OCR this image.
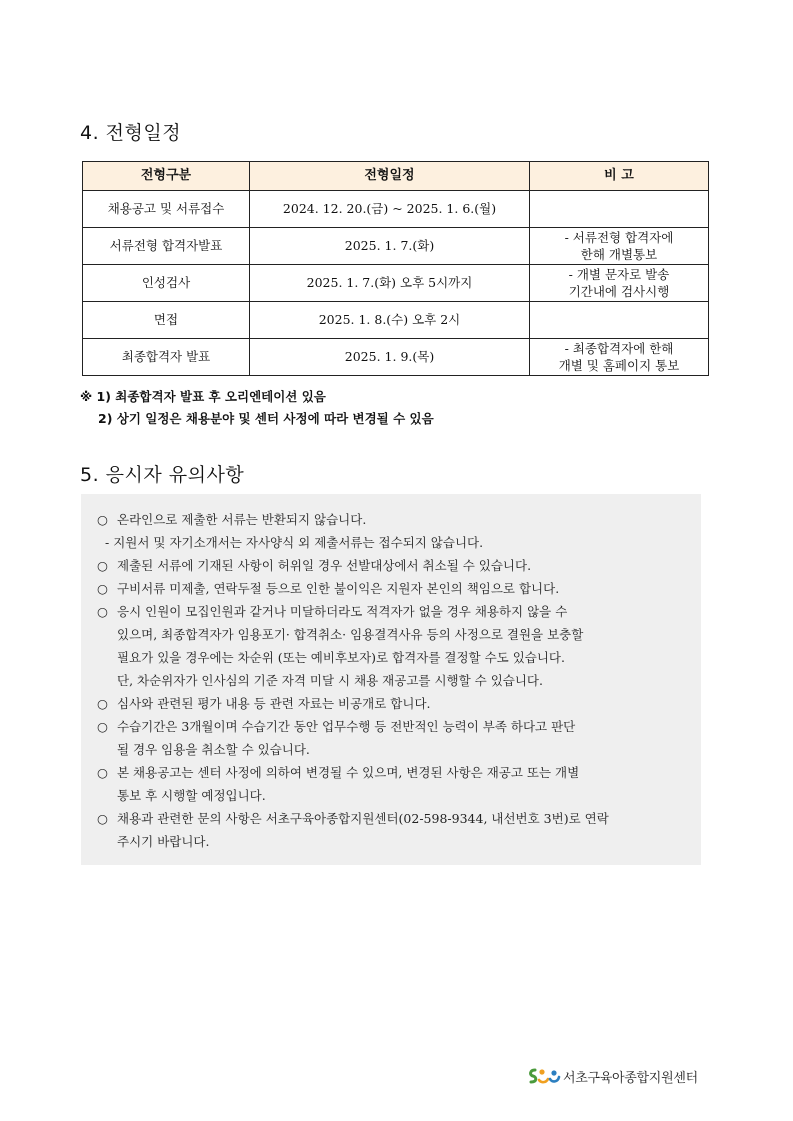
4. 전형일정
전형구분	전형일정	비 고
채용공고 및 서류접수	2024. 12. 20.(금) ~ 2025. 1. 6.(월)	

서류전형 합격자발표	2025. 1. 7.(화)	- 서류전형 합격자에
한해 개별통보

인성검사	2025. 1. 7.(화) 오후 5시까지	- 개별 문자로 발송
기간내에 검사시행

면접	2025. 1. 8.(수) 오후 2시	

최종합격자 발표	2025. 1. 9.(목)	- 최종합격자에 한해
개별 및 홈페이지 통보
※ 1) 최종합격자 발표 후 오리엔테이션 있음
2) 상기 일정은 채용분야 및 센터 사정에 따라 변경될 수 있음
5. 응시자 유의사항
○ 온라인으로 제출한 서류는 반환되지 않습니다.
- 지원서 및 자기소개서는 자사양식 외 제출서류는 접수되지 않습니다.
○ 제출된 서류에 기재된 사항이 허위일 경우 선발대상에서 취소될 수 있습니다.
○ 구비서류 미제출, 연락두절 등으로 인한 불이익은 지원자 본인의 책임으로 합니다.
○ 응시 인원이 모집인원과 같거나 미달하더라도 적격자가 없을 경우 채용하지 않을 수
있으며, 최종합격자가 임용포기· 합격취소· 임용결격사유 등의 사정으로 결원을 보충할
필요가 있을 경우에는 차순위 (또는 예비후보자)로 합격자를 결정할 수도 있습니다.
단, 차순위자가 인사심의 기준 자격 미달 시 채용 재공고를 시행할 수 있습니다.
○ 심사와 관련된 평가 내용 등 관련 자료는 비공개로 합니다.
○ 수습기간은 3개월이며 수습기간 동안 업무수행 등 전반적인 능력이 부족 하다고 판단
될 경우 임용을 취소할 수 있습니다.
○ 본 채용공고는 센터 사정에 의하여 변경될 수 있으며, 변경된 사항은 재공고 또는 개별
통보 후 시행할 예정입니다.
○ 채용과 관련한 문의 사항은 서초구육아종합지원센터(02-598-9344, 내선번호 3번)로 연락
주시기 바랍니다.
서초구육아종합지원센터
